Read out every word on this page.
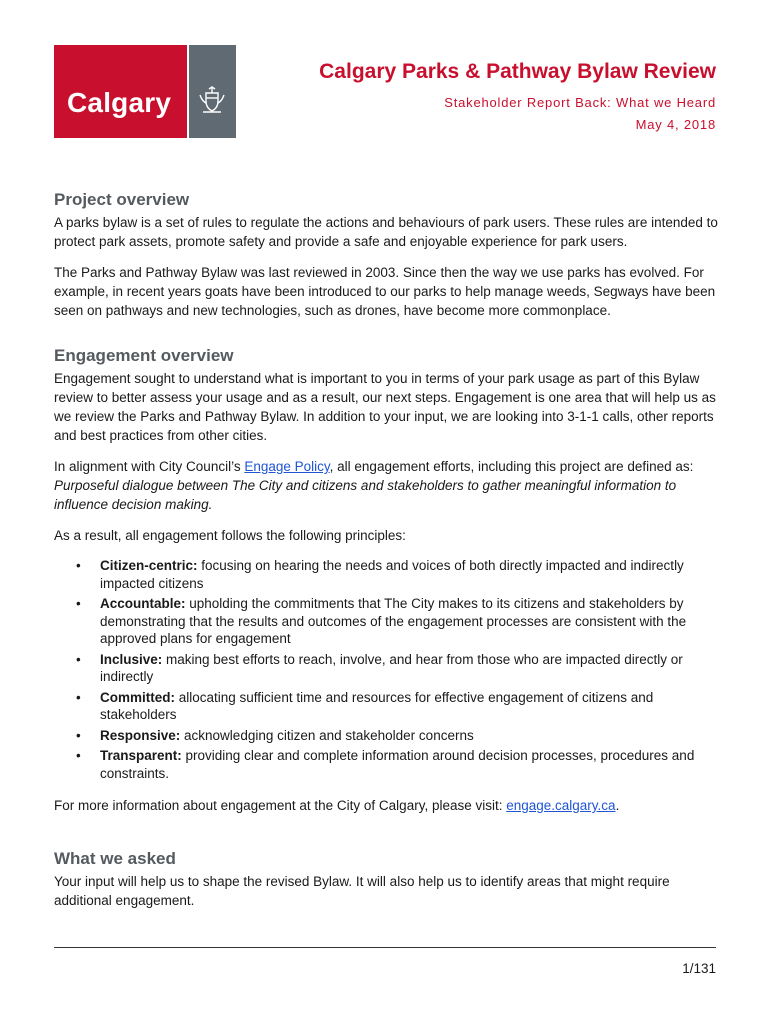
Calgary
Calgary Parks & Pathway Bylaw Review
Stakeholder Report Back: What we Heard
May 4, 2018
Project overview

A parks bylaw is a set of rules to regulate the actions and behaviours of park users. These rules are intended to protect park assets, promote safety and provide a safe and enjoyable experience for park users.

The Parks and Pathway Bylaw was last reviewed in 2003. Since then the way we use parks has evolved. For example, in recent years goats have been introduced to our parks to help manage weeds, Segways have been seen on pathways and new technologies, such as drones, have become more commonplace.

Engagement overview

Engagement sought to understand what is important to you in terms of your park usage as part of this Bylaw review to better assess your usage and as a result, our next steps. Engagement is one area that will help us as we review the Parks and Pathway Bylaw. In addition to your input, we are looking into 3-1-1 calls, other reports and best practices from other cities.

In alignment with City Council’s Engage Policy, all engagement efforts, including this project are defined as: Purposeful dialogue between The City and citizens and stakeholders to gather meaningful information to influence decision making.

As a result, all engagement follows the following principles:

• Citizen-centric: focusing on hearing the needs and voices of both directly impacted and indirectly impacted citizens
• Accountable: upholding the commitments that The City makes to its citizens and stakeholders by demonstrating that the results and outcomes of the engagement processes are consistent with the approved plans for engagement
• Inclusive: making best efforts to reach, involve, and hear from those who are impacted directly or indirectly
• Committed: allocating sufficient time and resources for effective engagement of citizens and stakeholders
• Responsive: acknowledging citizen and stakeholder concerns
• Transparent: providing clear and complete information around decision processes, procedures and constraints.

For more information about engagement at the City of Calgary, please visit: engage.calgary.ca.

What we asked

Your input will help us to shape the revised Bylaw. It will also help us to identify areas that might require additional engagement.

1/131
